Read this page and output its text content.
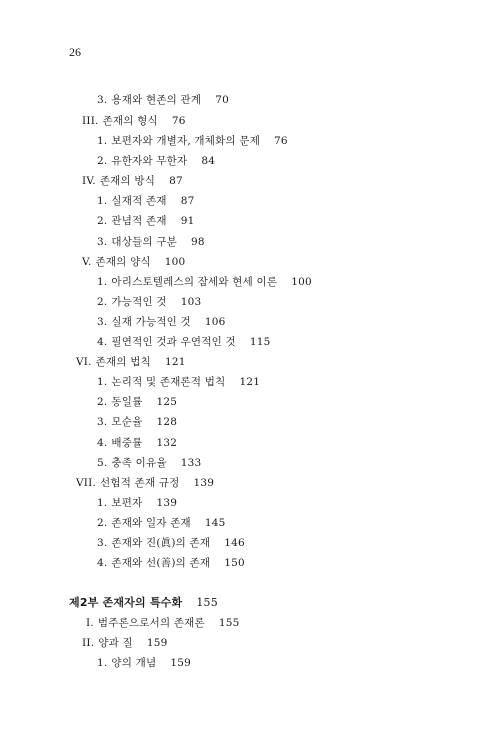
26
3. 용재와 현존의 관계 70
III. 존재의 형식 76
1. 보편자와 개별자, 개체화의 문제 76
2. 유한자와 무한자 84
IV. 존재의 방식 87
1. 실재적 존재 87
2. 관념적 존재 91
3. 대상들의 구분 98
V. 존재의 양식 100
1. 아리스토텔레스의 잠세와 현세 이론 100
2. 가능적인 것 103
3. 실재 가능적인 것 106
4. 필연적인 것과 우연적인 것 115
VI. 존재의 법칙 121
1. 논리적 및 존재론적 법칙 121
2. 동일률 125
3. 모순율 128
4. 배중률 132
5. 충족 이유율 133
VII. 선험적 존재 규정 139
1. 보편자 139
2. 존재와 일자 존재 145
3. 존재와 진(眞)의 존재 146
4. 존재와 선(善)의 존재 150
제2부 존재자의 특수화 155
I. 범주론으로서의 존재론 155
II. 양과 질 159
1. 양의 개념 159
